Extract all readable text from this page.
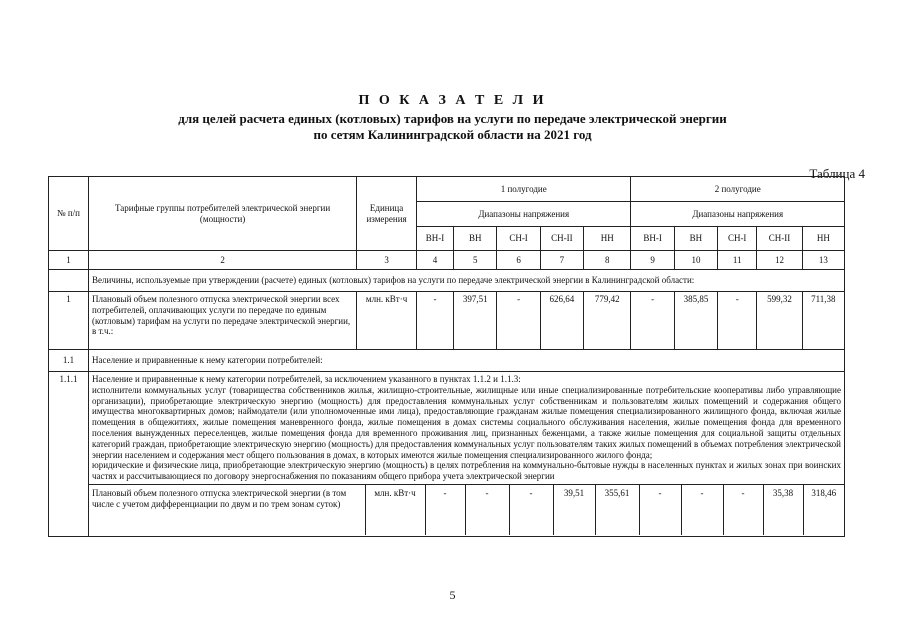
П О К А З А Т Е Л И
для целей расчета единых (котловых) тарифов на услуги по передаче электрической энергии
по сетям Калининградской области на 2021 год
Таблица 4
№ п/п	Тарифные группы потребителей электрической энергии (мощности)	Единица измерения	1 полугодие	2 полугодие
Диапазоны напряжения	Диапазоны напряжения
ВН-I	ВН	СН-I	СН-II	НН	ВН-I	ВН	СН-I	СН-II	НН
1	2	3	4	5	6	7	8	9	10	11	12	13
	Величины, используемые при утверждении (расчете) единых (котловых) тарифов на услуги по передаче электрической энергии в Калининградской области:
1	Плановый объем полезного отпуска электрической энергии всех потребителей, оплачивающих услуги по передаче по единым (котловым) тарифам на услуги по передаче электрической энергии, в т.ч.:	млн. кВт·ч	-	397,51	-	626,64	779,42	-	385,85	-	599,32	711,38
1.1	Население и приравненные к нему категории потребителей:
1.1.1	Население и приравненные к нему категории потребителей, за исключением указанного в пунктах 1.1.2 и 1.1.3:
исполнители коммунальных услуг (товарищества собственников жилья, жилищно-строительные, жилищные или иные специализированные потребительские кооперативы либо управляющие организации), приобретающие электрическую энергию (мощность) для предоставления коммунальных услуг собственникам и пользователям жилых помещений и содержания общего имущества многоквартирных домов; наймодатели (или уполномоченные ими лица), предоставляющие гражданам жилые помещения специализированного жилищного фонда, включая жилые помещения в общежитиях, жилые помещения маневренного фонда, жилые помещения в домах системы социального обслуживания населения, жилые помещения фонда для временного поселения вынужденных переселенцев, жилые помещения фонда для временного проживания лиц, признанных беженцами, а также жилые помещения для социальной защиты отдельных категорий граждан, приобретающие электрическую энергию (мощность) для предоставления коммунальных услуг пользователям таких жилых помещений в объемах потребления электрической энергии населением и содержания мест общего пользования в домах, в которых имеются жилые помещения специализированного жилого фонда;
юридические и физические лица, приобретающие электрическую энергию (мощность) в целях потребления на коммунально-бытовые нужды в населенных пунктах и жилых зонах при воинских частях и рассчитывающиеся по договору энергоснабжения по показаниям общего прибора учета электрической энергии

Плановый объем полезного отпуска электрической энергии (в том числе с учетом дифференциации по двум и по трем зонам суток)	млн. кВт·ч	-	-	-	39,51	355,61	-	-	-	35,38	318,46
5
